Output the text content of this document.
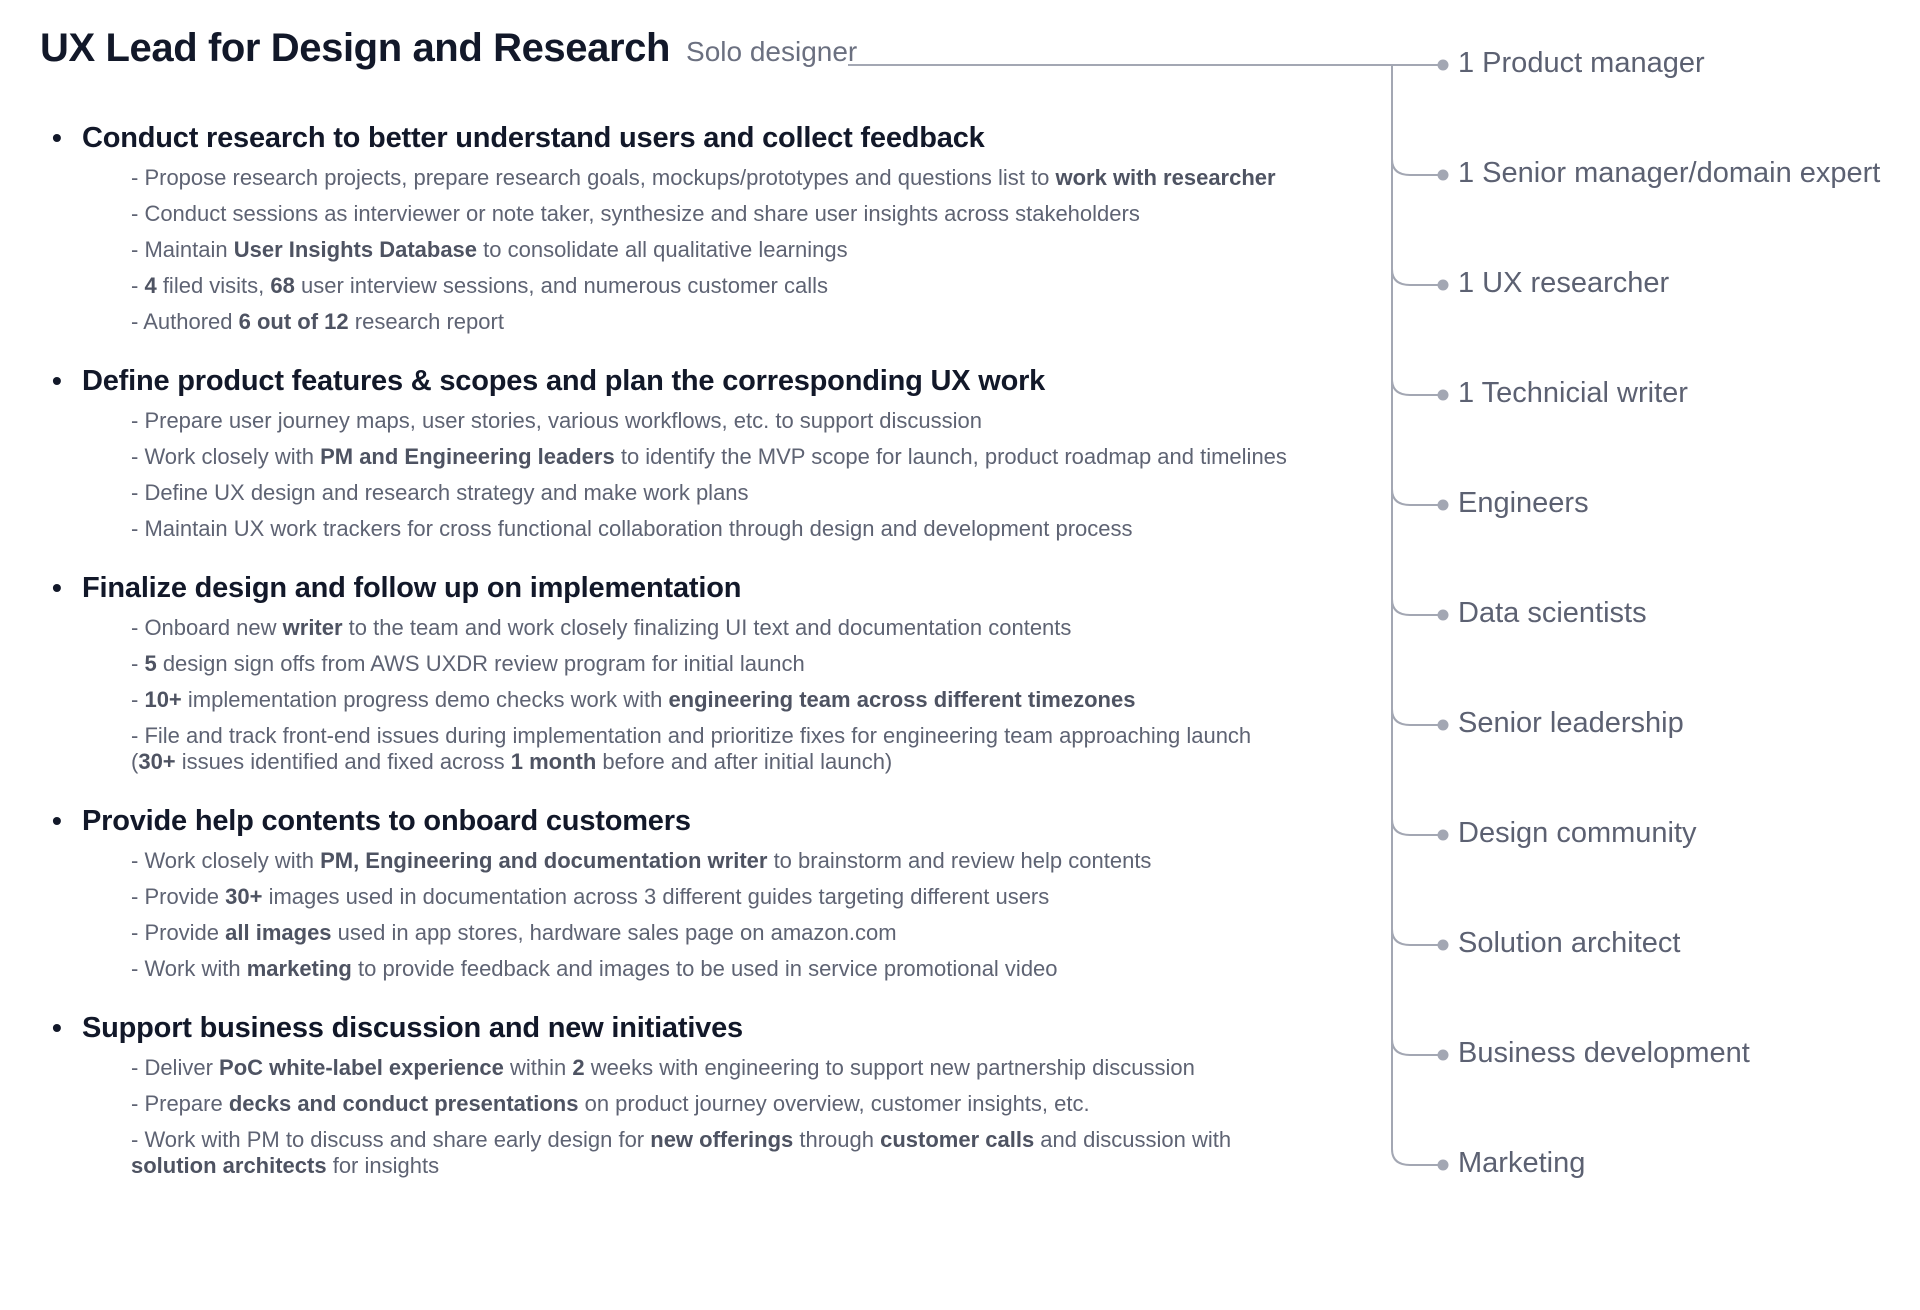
UX Lead for Design and Research Solo designer
• Conduct research to better understand users and collect feedback
- Propose research projects, prepare research goals, mockups/prototypes and questions list to work with researcher
- Conduct sessions as interviewer or note taker, synthesize and share user insights across stakeholders
- Maintain User Insights Database to consolidate all qualitative learnings
- 4 filed visits, 68 user interview sessions, and numerous customer calls
- Authored 6 out of 12 research report
• Define product features & scopes and plan the corresponding UX work
- Prepare user journey maps, user stories, various workflows, etc. to support discussion
- Work closely with PM and Engineering leaders to identify the MVP scope for launch, product roadmap and timelines
- Define UX design and research strategy and make work plans
- Maintain UX work trackers for cross functional collaboration through design and development process
• Finalize design and follow up on implementation
- Onboard new writer to the team and work closely finalizing UI text and documentation contents
- 5 design sign offs from AWS UXDR review program for initial launch
- 10+ implementation progress demo checks work with engineering team across different timezones
- File and track front-end issues during implementation and prioritize fixes for engineering team approaching launch (30+ issues identified and fixed across 1 month before and after initial launch)
• Provide help contents to onboard customers
- Work closely with PM, Engineering and documentation writer to brainstorm and review help contents
- Provide 30+ images used in documentation across 3 different guides targeting different users
- Provide all images used in app stores, hardware sales page on amazon.com
- Work with marketing to provide feedback and images to be used in service promotional video
• Support business discussion and new initiatives
- Deliver PoC white-label experience within 2 weeks with engineering to support new partnership discussion
- Prepare decks and conduct presentations on product journey overview, customer insights, etc.
- Work with PM to discuss and share early design for new offerings through customer calls and discussion with solution architects for insights
1 Product manager
1 Senior manager/domain expert
1 UX researcher
1 Technicial writer
Engineers
Data scientists
Senior leadership
Design community
Solution architect
Business development
Marketing
